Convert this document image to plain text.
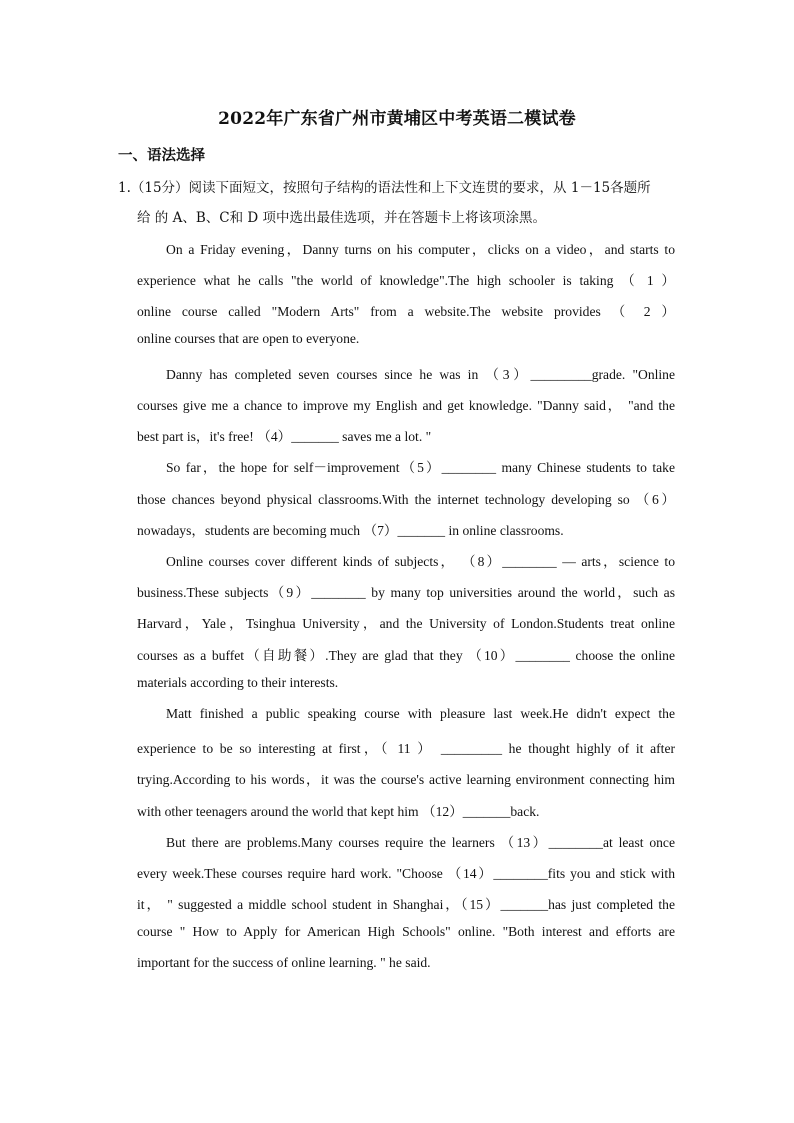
2022年广东省广州市黄埔区中考英语二模试卷
一、语法选择
1.（15分）阅读下面短文，按照句子结构的语法性和上下文连贯的要求，从 1－15各题所
给 的 A、B、C和 D 项中选出最佳选项，并在答题卡上将该项涂黑。
On a Friday evening，Danny turns on his computer，clicks on a video，and starts to
experience what he calls "the world of knowledge".The high schooler is taking （ 1 ）
online course called "Modern Arts" from a website.The website provides （ 2 ）
online courses that are open to everyone.
Danny has completed seven courses since he was in （3）_________grade. "Online
courses give me a chance to improve my English and get knowledge. "Danny said， "and the
best part is，it's free! （4）_______ saves me a lot. "
So far，the hope for self－improvement（5）________ many Chinese students to take
those chances beyond physical classrooms.With the internet technology developing so （6）
nowadays，students are becoming much （7）_______ in online classrooms.
Online courses cover different kinds of subjects， （8）________ — arts，science to
business.These subjects（9）________ by many top universities around the world，such as
Harvard，Yale，Tsinghua University，and the University of London.Students treat online
courses as a buffet（自助餐）.They are glad that they （10）________ choose the online
materials according to their interests.
Matt finished a public speaking course with pleasure last week.He didn't expect the
experience to be so interesting at first，（ 11 ） _________ he thought highly of it after
trying.According to his words，it was the course's active learning environment connecting him
with other teenagers around the world that kept him （12）_______back.
But there are problems.Many courses require the learners （13）________at least once
every week.These courses require hard work. "Choose （14）________fits you and stick with
it， " suggested a middle school student in Shanghai，（15）_______has just completed the
course " How to Apply for American High Schools" online. "Both interest and efforts are
important for the success of online learning. " he said.
